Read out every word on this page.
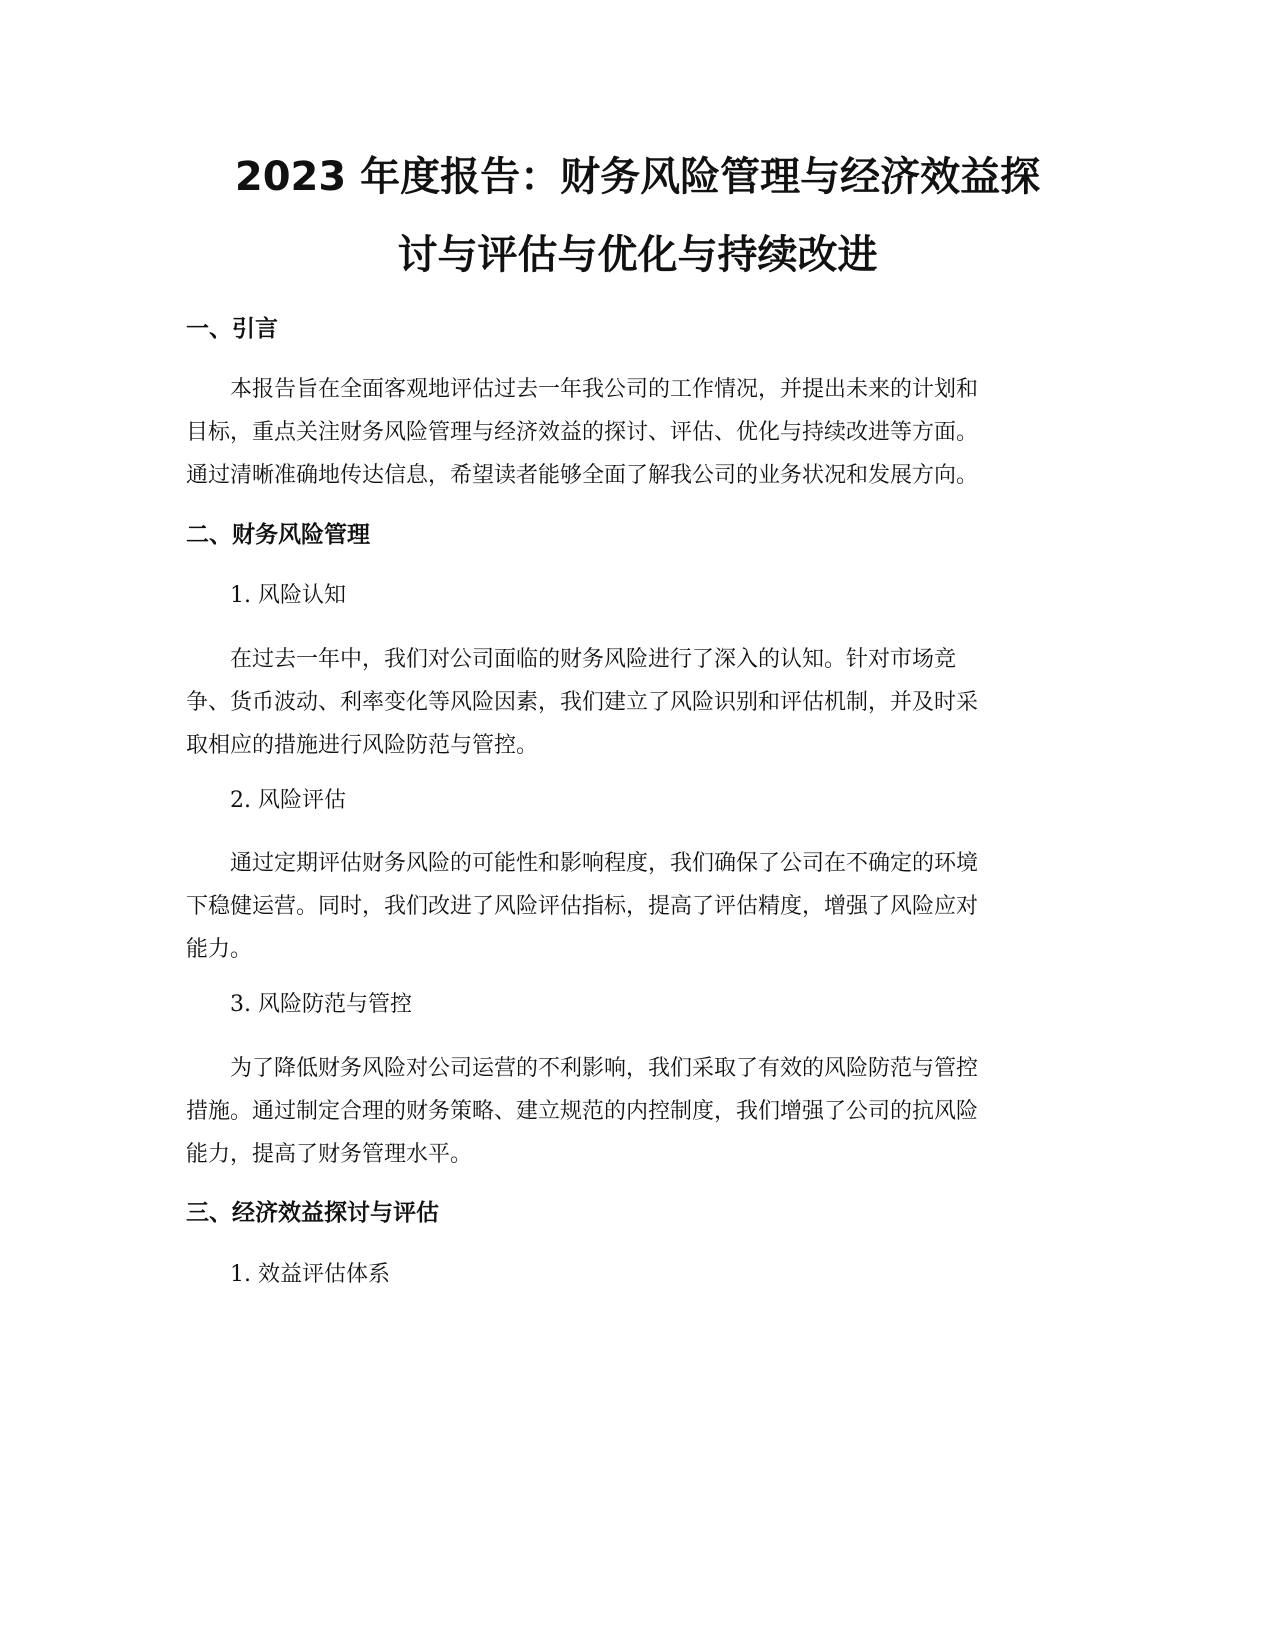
2023 年度报告：财务风险管理与经济效益探
讨与评估与优化与持续改进
一、引言
本报告旨在全面客观地评估过去一年我公司的工作情况，并提出未来的计划和
目标，重点关注财务风险管理与经济效益的探讨、评估、优化与持续改进等方面。
通过清晰准确地传达信息，希望读者能够全面了解我公司的业务状况和发展方向。
二、财务风险管理
1. 风险认知
在过去一年中，我们对公司面临的财务风险进行了深入的认知。针对市场竞
争、货币波动、利率变化等风险因素，我们建立了风险识别和评估机制，并及时采
取相应的措施进行风险防范与管控。
2. 风险评估
通过定期评估财务风险的可能性和影响程度，我们确保了公司在不确定的环境
下稳健运营。同时，我们改进了风险评估指标，提高了评估精度，增强了风险应对
能力。
3. 风险防范与管控
为了降低财务风险对公司运营的不利影响，我们采取了有效的风险防范与管控
措施。通过制定合理的财务策略、建立规范的内控制度，我们增强了公司的抗风险
能力，提高了财务管理水平。
三、经济效益探讨与评估
1. 效益评估体系
